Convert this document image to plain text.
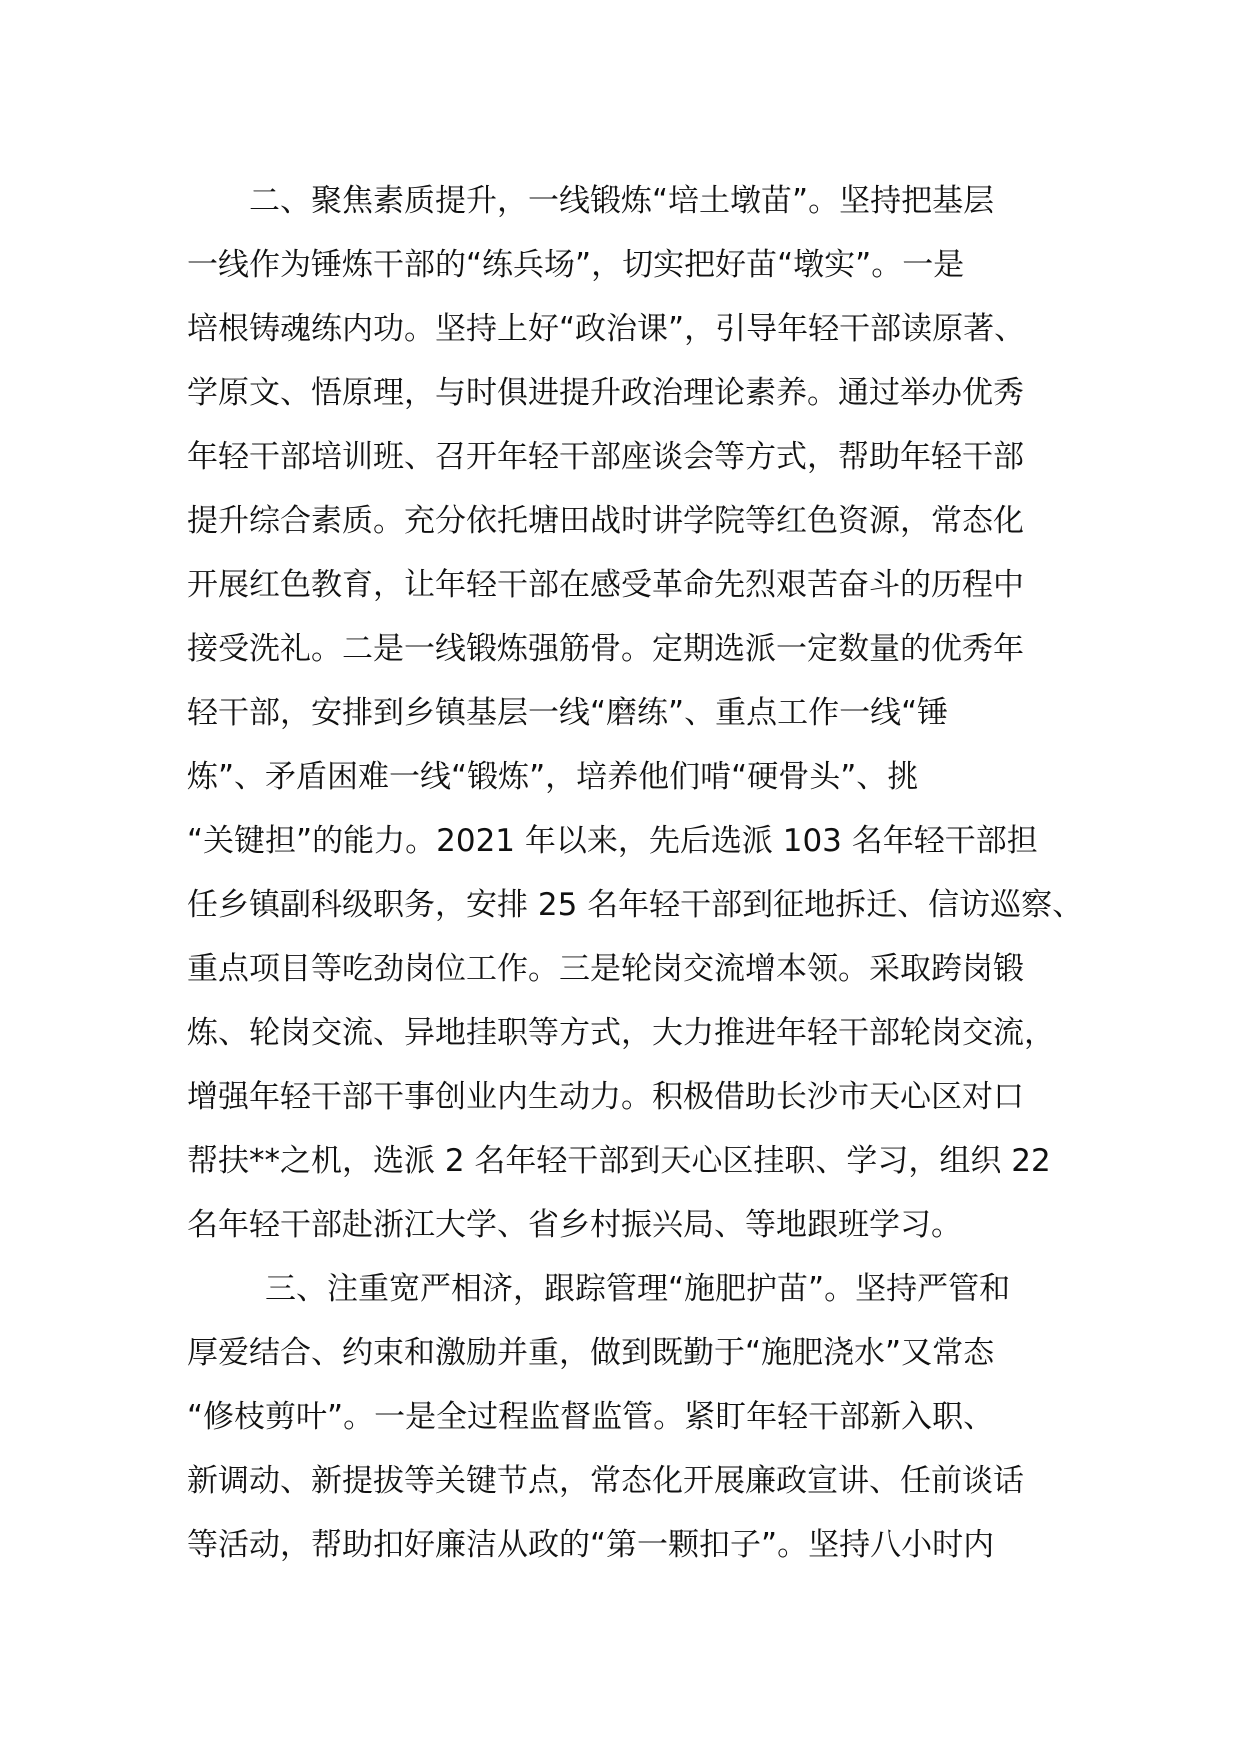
二、聚焦素质提升，一线锻炼“培土墩苗”。坚持把基层
一线作为锤炼干部的“练兵场”，切实把好苗“墩实”。一是
培根铸魂练内功。坚持上好“政治课”，引导年轻干部读原著、
学原文、悟原理，与时俱进提升政治理论素养。通过举办优秀
年轻干部培训班、召开年轻干部座谈会等方式，帮助年轻干部
提升综合素质。充分依托塘田战时讲学院等红色资源，常态化
开展红色教育，让年轻干部在感受革命先烈艰苦奋斗的历程中
接受洗礼。二是一线锻炼强筋骨。定期选派一定数量的优秀年
轻干部，安排到乡镇基层一线“磨练”、重点工作一线“锤
炼”、矛盾困难一线“锻炼”，培养他们啃“硬骨头”、挑
“关键担”的能力。2021 年以来，先后选派 103 名年轻干部担
任乡镇副科级职务，安排 25 名年轻干部到征地拆迁、信访巡察、
重点项目等吃劲岗位工作。三是轮岗交流增本领。采取跨岗锻
炼、轮岗交流、异地挂职等方式，大力推进年轻干部轮岗交流，
增强年轻干部干事创业内生动力。积极借助长沙市天心区对口
帮扶**之机，选派 2 名年轻干部到天心区挂职、学习，组织 22
名年轻干部赴浙江大学、省乡村振兴局、等地跟班学习。
三、注重宽严相济，跟踪管理“施肥护苗”。坚持严管和
厚爱结合、约束和激励并重，做到既勤于“施肥浇水”又常态
“修枝剪叶”。一是全过程监督监管。紧盯年轻干部新入职、
新调动、新提拔等关键节点，常态化开展廉政宣讲、任前谈话
等活动，帮助扣好廉洁从政的“第一颗扣子”。坚持八小时内
